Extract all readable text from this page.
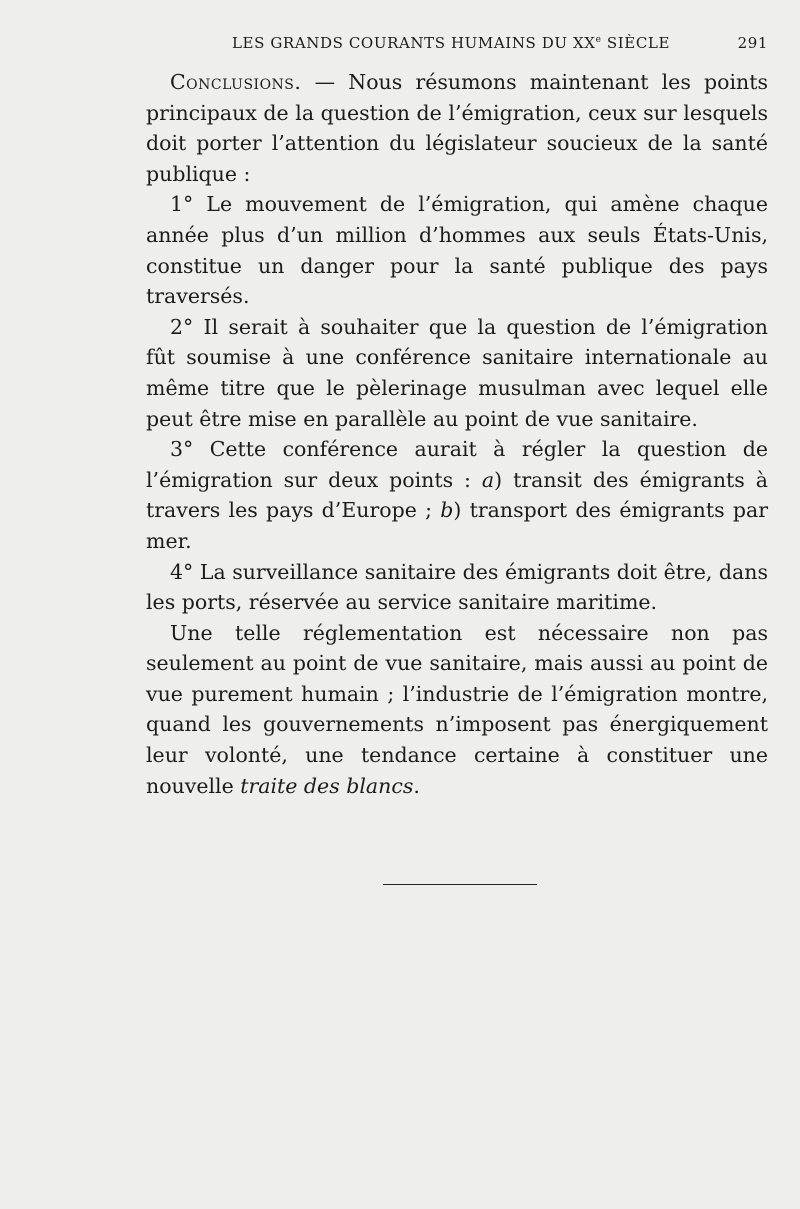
LES GRANDS COURANTS HUMAINS DU XXe SIÈCLE	291

Conclusions. — Nous résumons maintenant les points principaux de la question de l’émigration, ceux sur lesquels doit porter l’attention du législateur soucieux de la santé publique :

1° Le mouvement de l’émigration, qui amène chaque année plus d’un million d’hommes aux seuls États-Unis, constitue un danger pour la santé publique des pays traversés.

2° Il serait à souhaiter que la question de l’émigration fût soumise à une conférence sanitaire internationale au même titre que le pèlerinage musulman avec lequel elle peut être mise en parallèle au point de vue sanitaire.

3° Cette conférence aurait à régler la question de l’émigration sur deux points : a) transit des émigrants à travers les pays d’Europe ; b) transport des émigrants par mer.

4° La surveillance sanitaire des émigrants doit être, dans les ports, réservée au service sanitaire maritime.

Une telle réglementation est nécessaire non pas seulement au point de vue sanitaire, mais aussi au point de vue purement humain ; l’industrie de l’émigration montre, quand les gouvernements n’imposent pas énergiquement leur volonté, une tendance certaine à constituer une nouvelle traite des blancs.
